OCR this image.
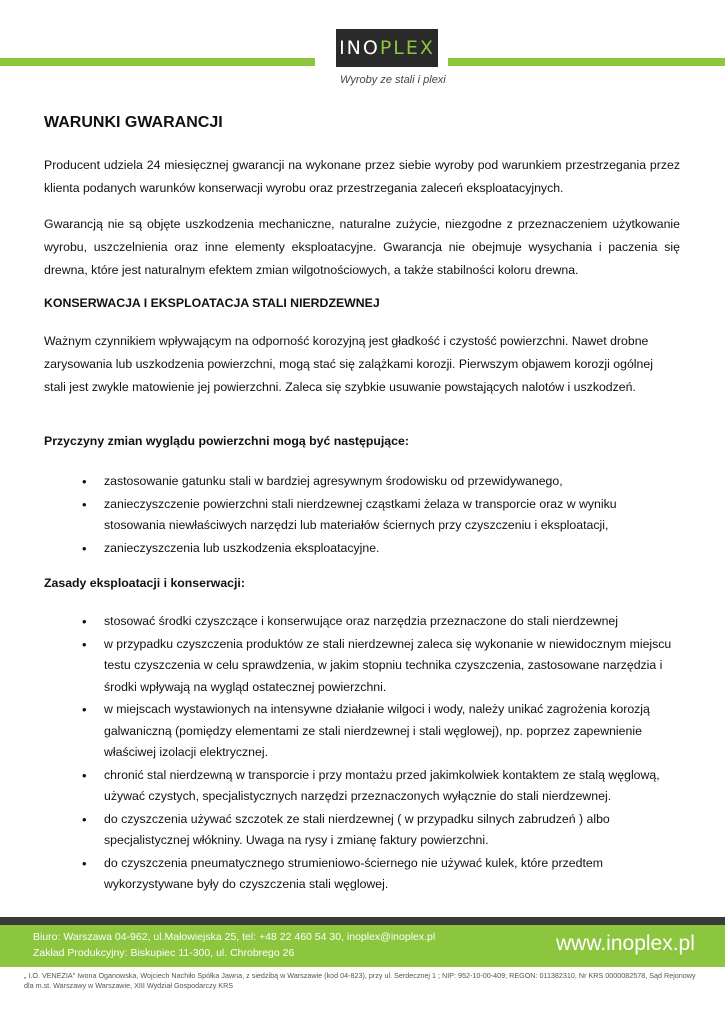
INOPLEX
Wyroby ze stali i plexi
WARUNKI GWARANCJI

Producent udziela 24 miesięcznej gwarancji na wykonane przez siebie wyroby pod warunkiem przestrzegania przez klienta podanych warunków konserwacji wyrobu oraz przestrzegania zaleceń eksploatacyjnych.

Gwarancją nie są objęte uszkodzenia mechaniczne, naturalne zużycie, niezgodne z przeznaczeniem użytkowanie wyrobu, uszczelnienia oraz inne elementy eksploatacyjne. Gwarancja nie obejmuje wysychania i paczenia się drewna, które jest naturalnym efektem zmian wilgotnościowych, a także stabilności koloru drewna.

KONSERWACJA I EKSPLOATACJA STALI NIERDZEWNEJ

Ważnym czynnikiem wpływającym na odporność korozyjną jest gładkość i czystość powierzchni. Nawet drobne zarysowania lub uszkodzenia powierzchni, mogą stać się zalążkami korozji. Pierwszym objawem korozji ogólnej stali jest zwykle matowienie jej powierzchni. Zaleca się szybkie usuwanie powstających nalotów i uszkodzeń.

Przyczyny zmian wyglądu powierzchni mogą być następujące:
• zastosowanie gatunku stali w bardziej agresywnym środowisku od przewidywanego,
• zanieczyszczenie powierzchni stali nierdzewnej cząstkami żelaza w transporcie oraz w wyniku stosowania niewłaściwych narzędzi lub materiałów ściernych przy czyszczeniu i eksploatacji,
• zanieczyszczenia lub uszkodzenia eksploatacyjne.
Zasady eksploatacji i konserwacji:
• stosować środki czyszczące i konserwujące oraz narzędzia przeznaczone do stali nierdzewnej
• w przypadku czyszczenia produktów ze stali nierdzewnej zaleca się wykonanie w niewidocznym miejscu testu czyszczenia w celu sprawdzenia, w jakim stopniu technika czyszczenia, zastosowane narzędzia i środki wpływają na wygląd ostatecznej powierzchni.
• w miejscach wystawionych na intensywne działanie wilgoci i wody, należy unikać zagrożenia korozją galwaniczną (pomiędzy elementami ze stali nierdzewnej i stali węglowej), np. poprzez zapewnienie właściwej izolacji elektrycznej.
• chronić stal nierdzewną w transporcie i przy montażu przed jakimkolwiek kontaktem ze stalą węglową, używać czystych, specjalistycznych narzędzi przeznaczonych wyłącznie do stali nierdzewnej.
• do czyszczenia używać szczotek ze stali nierdzewnej ( w przypadku silnych zabrudzeń ) albo specjalistycznej włókniny. Uwaga na rysy i zmianę faktury powierzchni.
• do czyszczenia pneumatycznego strumieniowo-ściernego nie używać kulek, które przedtem wykorzystywane były do czyszczenia stali węglowej.
Biuro: Warszawa 04-962, ul.Małowiejska 25, tel: +48 22 460 54 30, inoplex@inoplex.pl
Zakład Produkcyjny: Biskupiec 11-300, ul. Chrobrego 26	www.inoplex.pl
„ I.O. VENEZIA" Iwona Oganowska, Wojciech Nachiło Spółka Jawna, z siedzibą w Warszawie (kod 04-823), przy ul. Serdecznej 1 ; NIP: 952-10-00-409; REGON: 011382310, Nr KRS 0000082578, Sąd Rejonowy dla m.st. Warszawy w Warszawie, XIII Wydział Gospodarczy KRS
